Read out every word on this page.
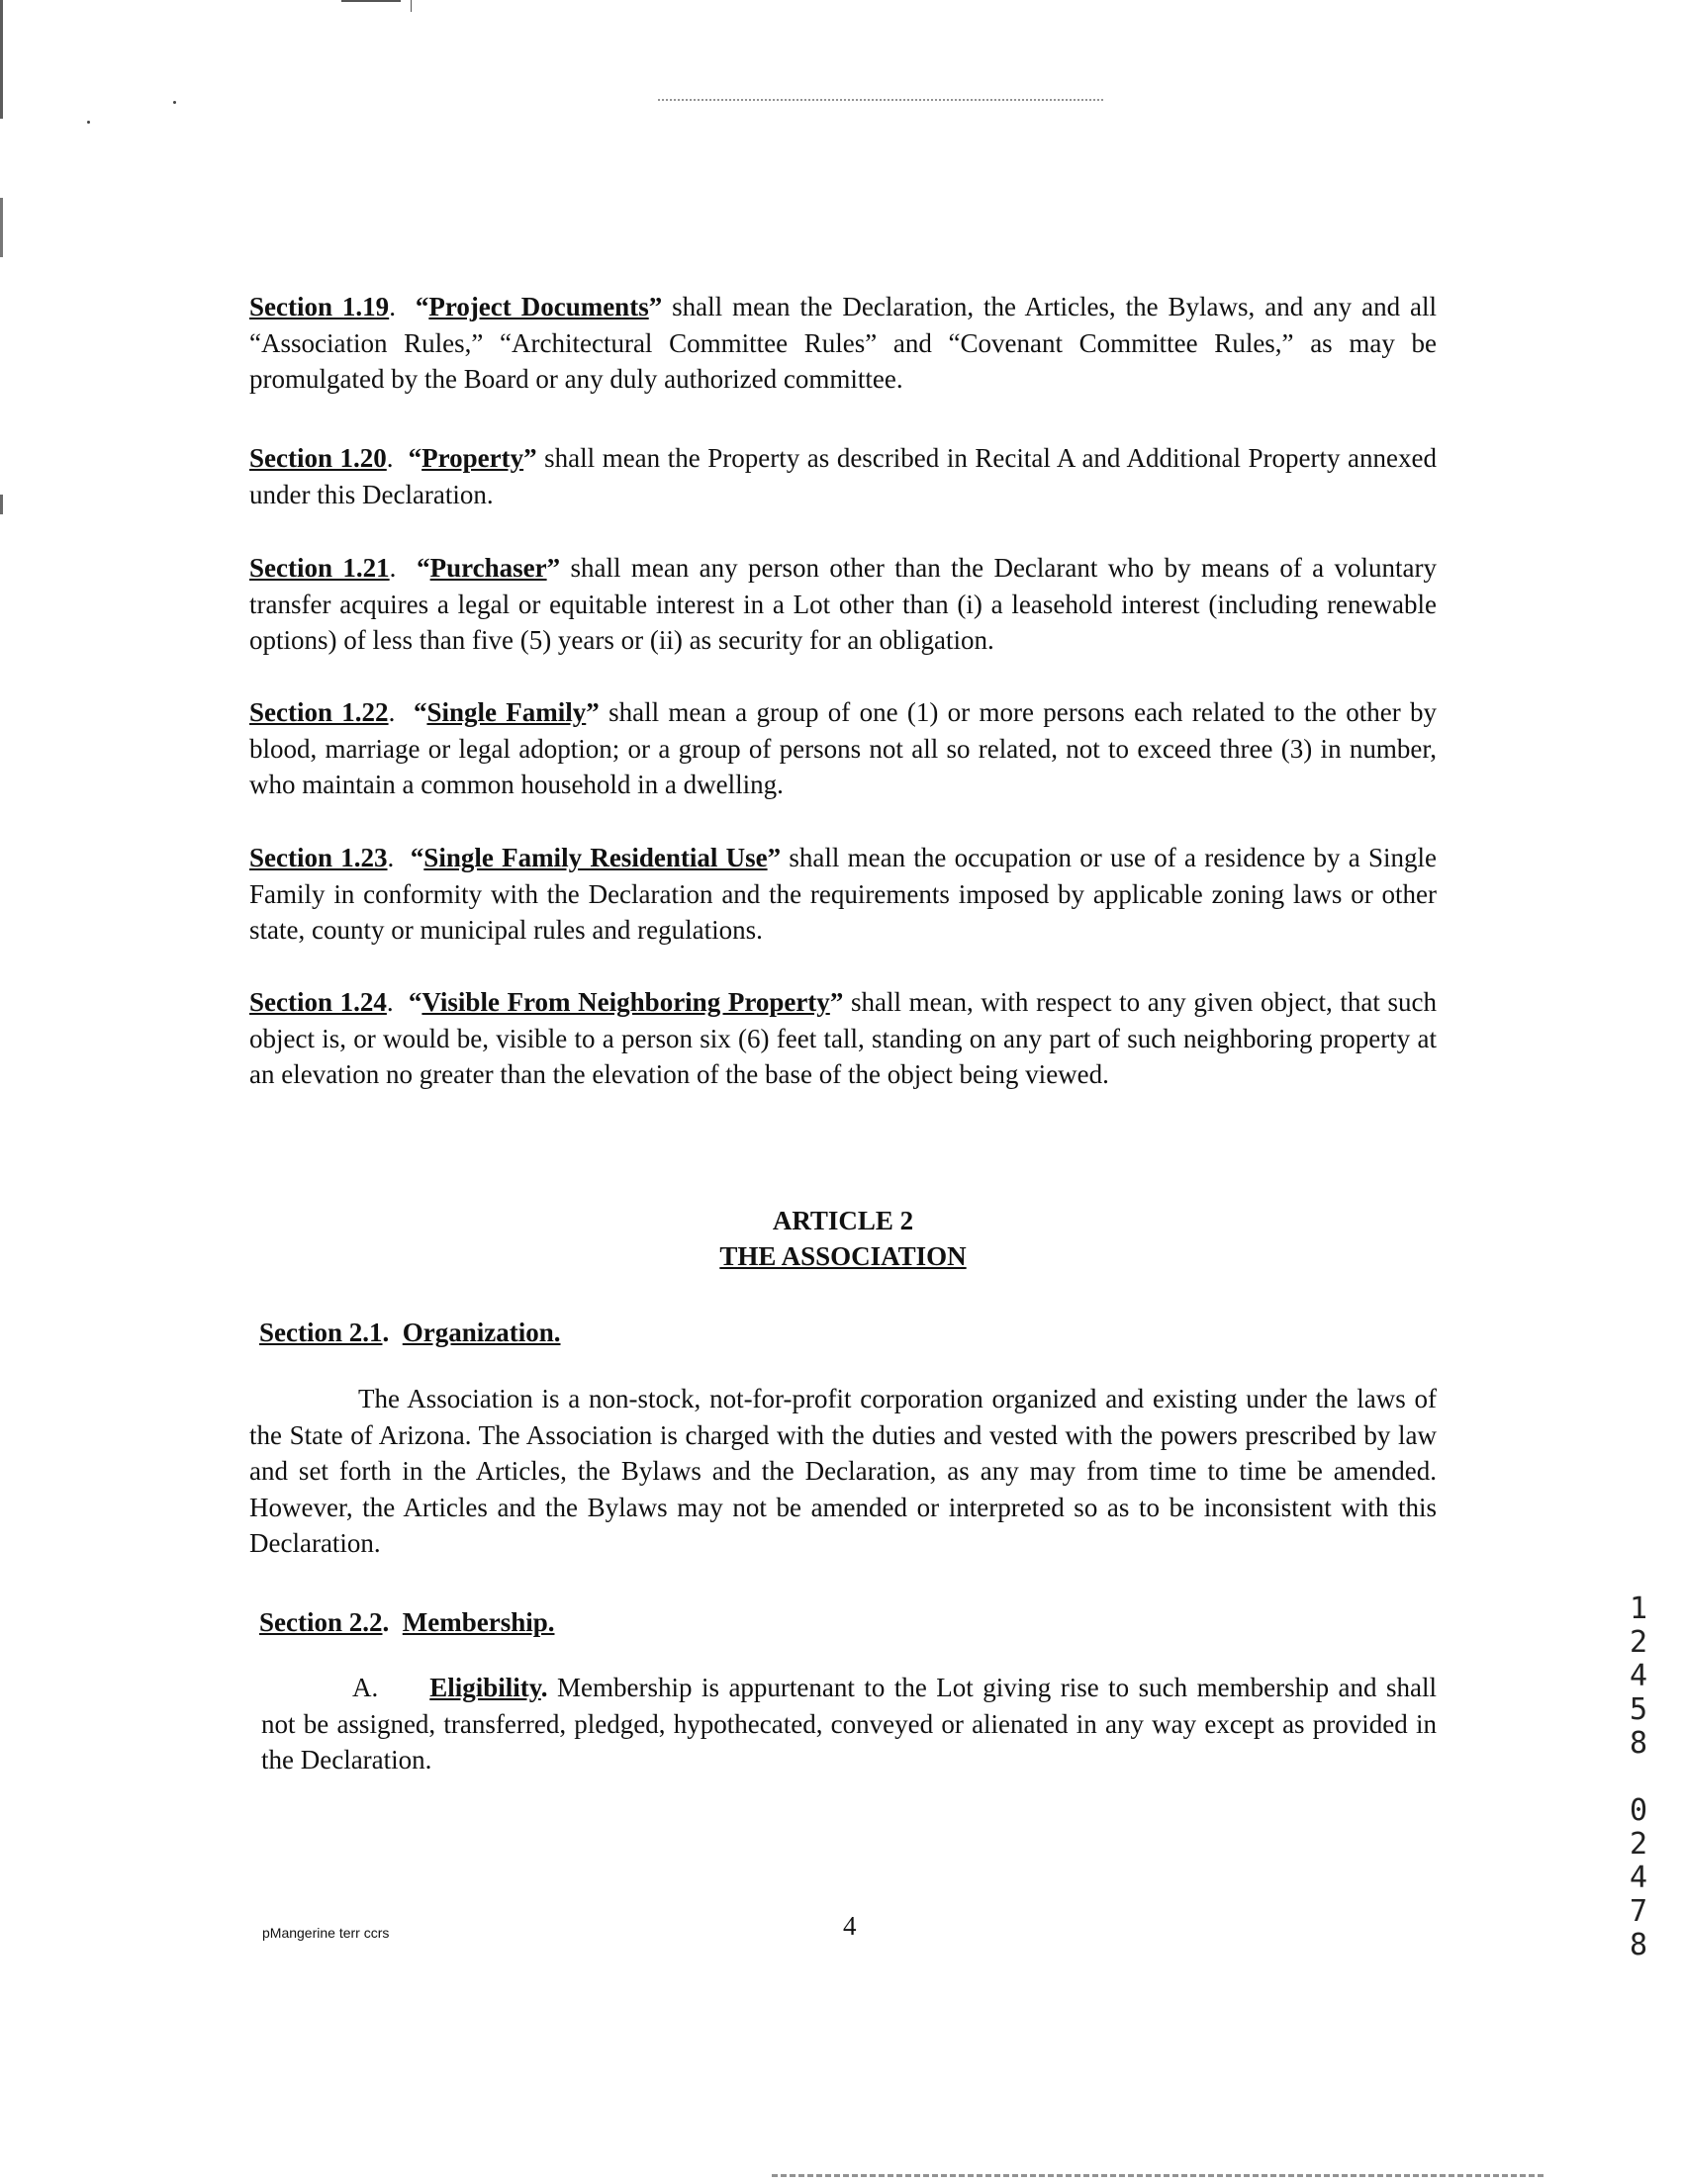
Section 1.19.  “Project Documents” shall mean the Declaration, the Articles, the Bylaws, and any and all “Association Rules,” “Architectural Committee Rules” and “Covenant Committee Rules,” as may be promulgated by the Board or any duly authorized committee.

Section 1.20.  “Property” shall mean the Property as described in Recital A and Additional Property annexed under this Declaration.

Section 1.21.  “Purchaser” shall mean any person other than the Declarant who by means of a voluntary transfer acquires a legal or equitable interest in a Lot other than (i) a leasehold interest (including renewable options) of less than five (5) years or (ii) as security for an obligation.

Section 1.22.  “Single Family” shall mean a group of one (1) or more persons each related to the other by blood, marriage or legal adoption; or a group of persons not all so related, not to exceed three (3) in number, who maintain a common household in a dwelling.

Section 1.23.  “Single Family Residential Use” shall mean the occupation or use of a residence by a Single Family in conformity with the Declaration and the requirements imposed by applicable zoning laws or other state, county or municipal rules and regulations.

Section 1.24.  “Visible From Neighboring Property” shall mean, with respect to any given object, that such object is, or would be, visible to a person six (6) feet tall, standing on any part of such neighboring property at an elevation no greater than the elevation of the base of the object being viewed.

ARTICLE 2
THE ASSOCIATION
Section 2.1.  Organization.

The Association is a non-stock, not-for-profit corporation organized and existing under the laws of the State of Arizona. The Association is charged with the duties and vested with the powers prescribed by law and set forth in the Articles, the Bylaws and the Declaration, as any may from time to time be amended. However, the Articles and the Bylaws may not be amended or interpreted so as to be inconsistent with this Declaration.

Section 2.2.  Membership.

A. Eligibility. Membership is appurtenant to the Lot giving rise to such membership and shall not be assigned, transferred, pledged, hypothecated, conveyed or alienated in any way except as provided in the Declaration.

pMangerine terr ccrs	4
1
2
4
5
8

0
2
4
7
8
